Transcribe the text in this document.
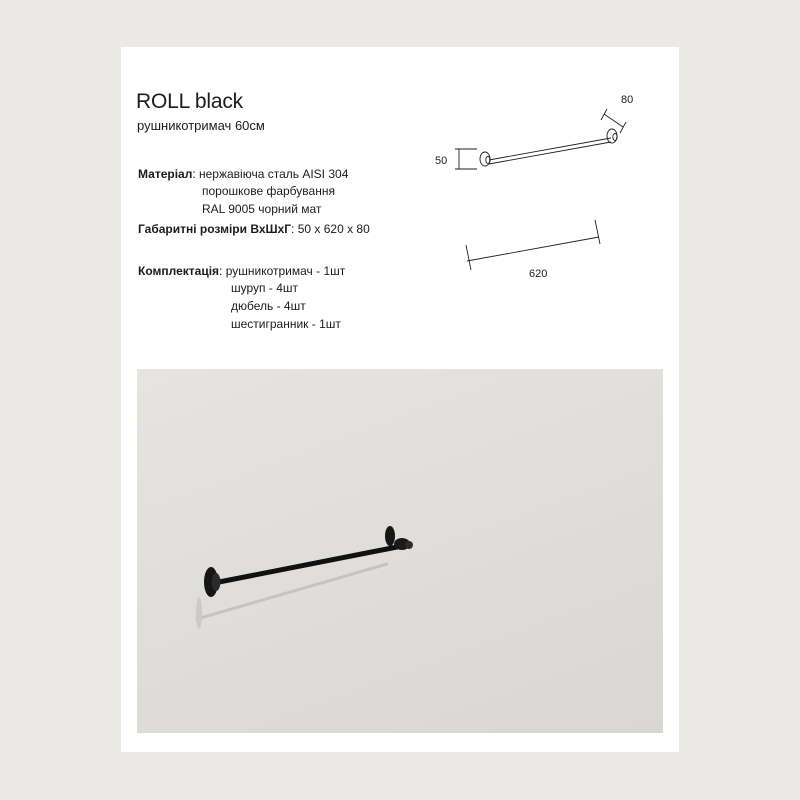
ROLL black
рушникотримач 60см
Матеріал: нержавіюча сталь AISI 304
порошкове фарбування
RAL 9005 чорний мат
Габаритні розміри ВхШхГ: 50 х 620 х 80
Комплектація: рушникотримач - 1шт
шуруп - 4шт
дюбель - 4шт
шестигранник - 1шт
50
620
80
